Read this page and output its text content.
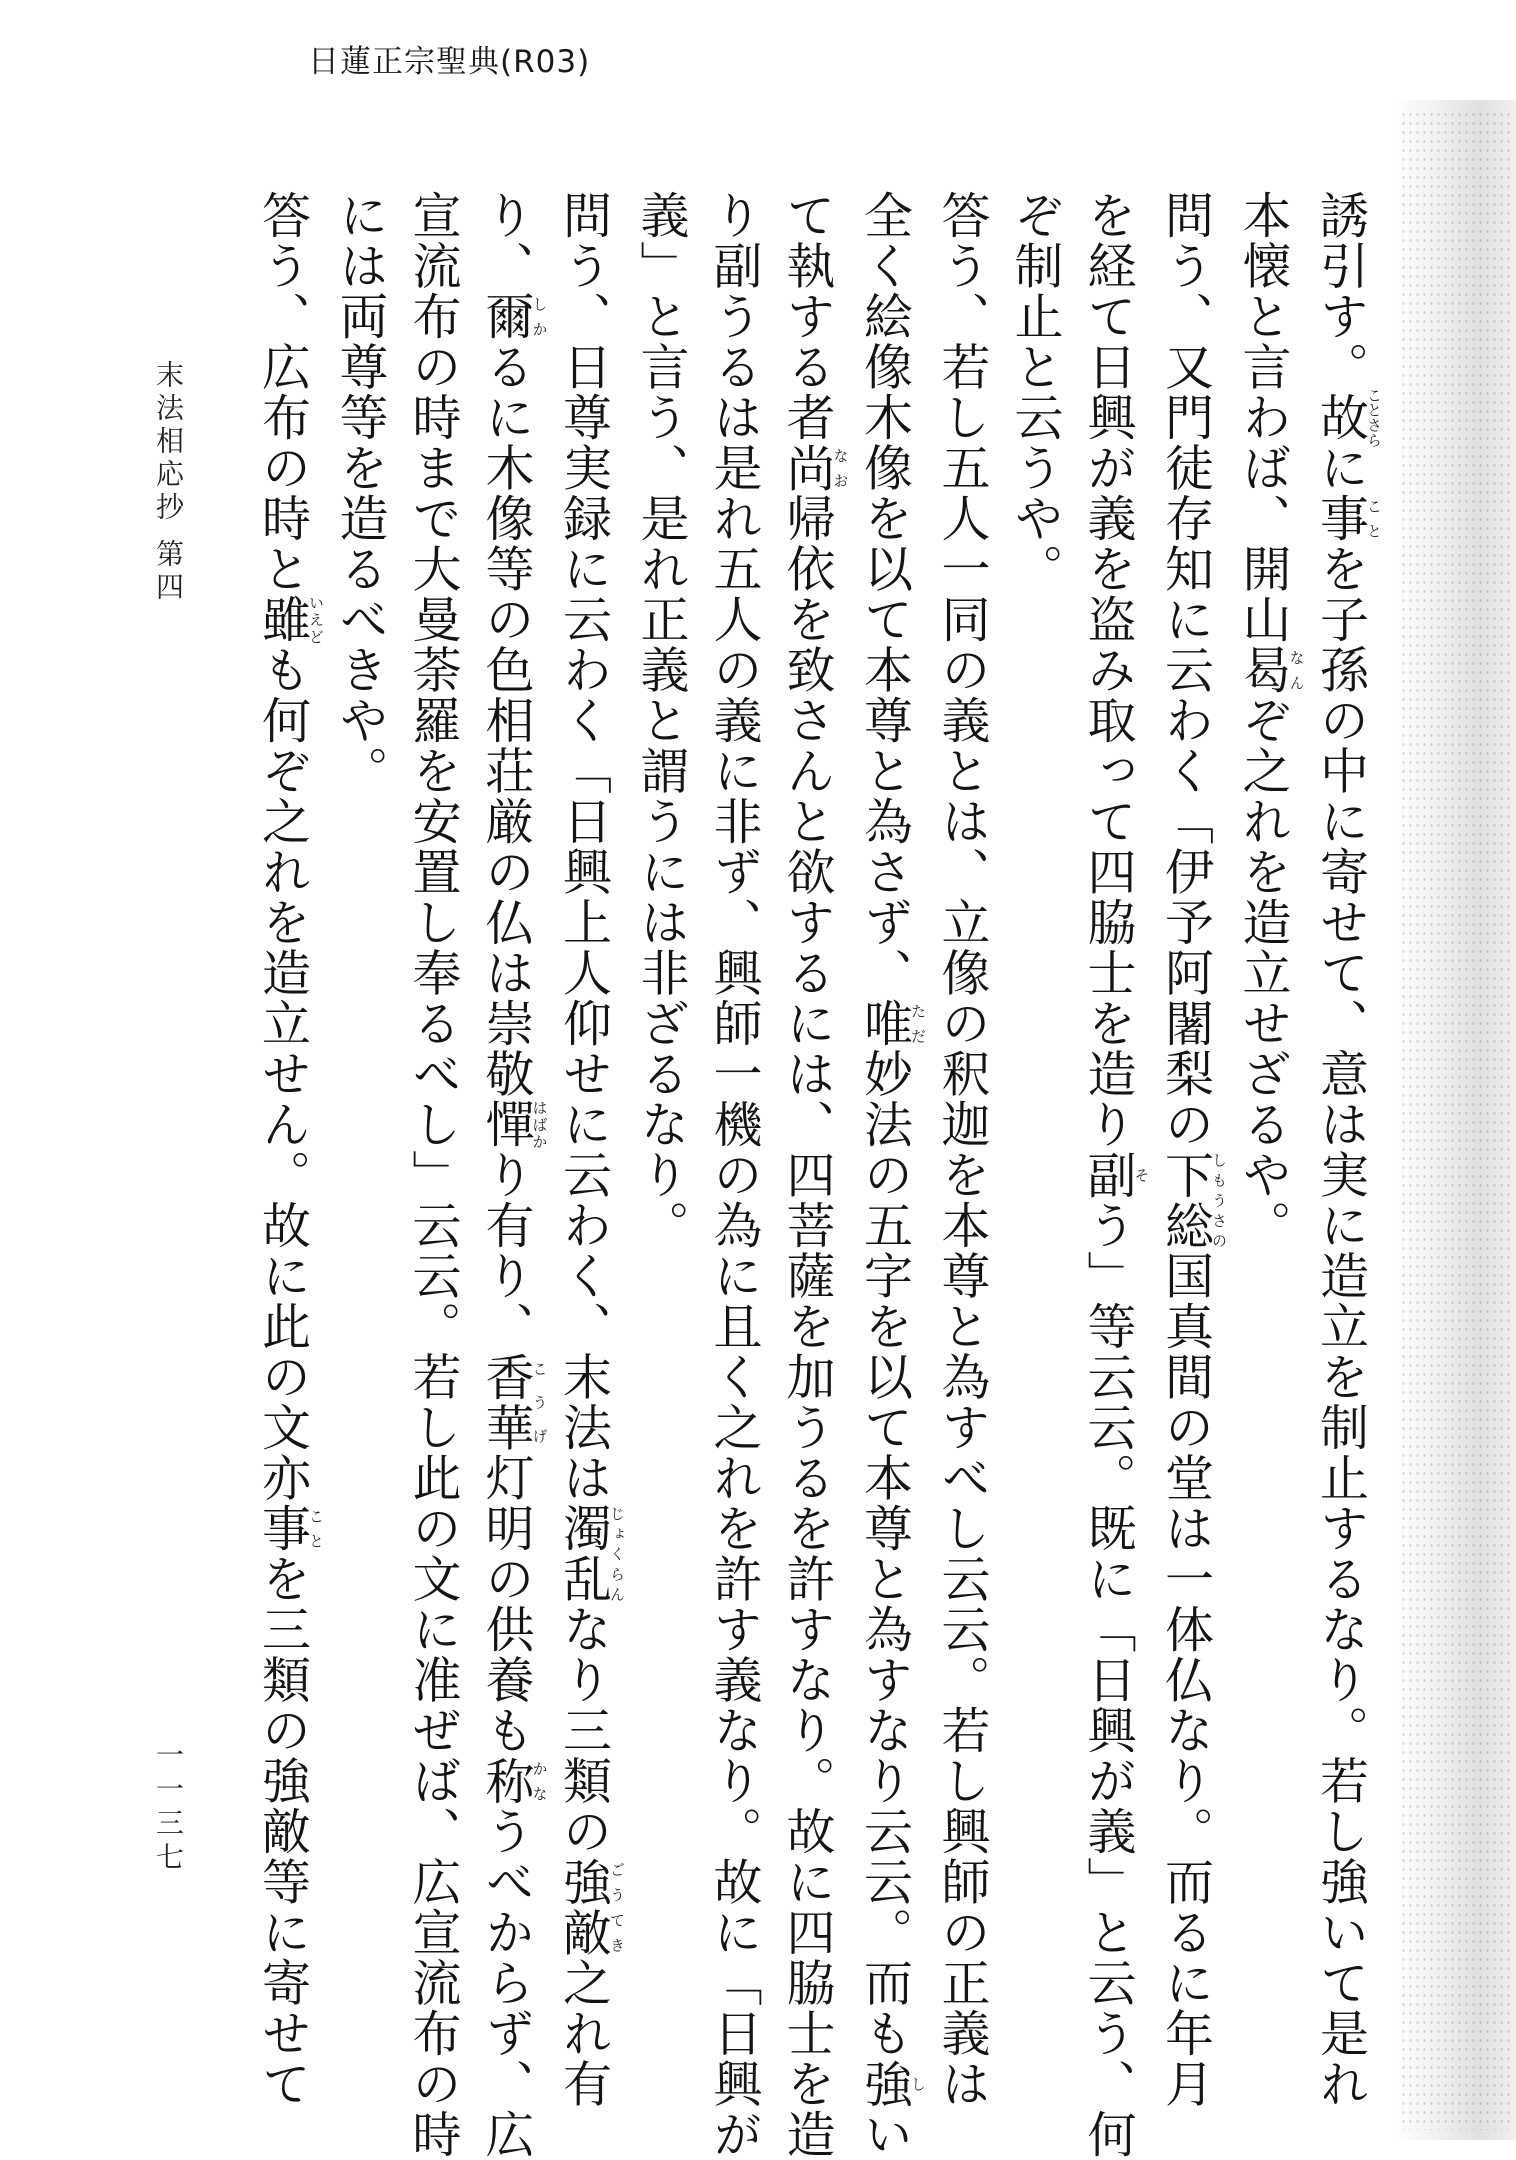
日蓮正宗聖典(R03)
誘引す。故ことさらに事ことを子孫の中に寄せて、意は実に造立を制止するなり。若し強いて是れ
本懐と言わば、開山曷なんぞ之れを造立せざるや。
問う、又門徒存知に云わく「伊予阿闍梨の下総しもうさの国真間の堂は一体仏なり。而るに年月
を経て日興が義を盗み取って四脇士を造り副そう」等云云。既に「日興が義」と云う、何
ぞ制止と云うや。
答う、若し五人一同の義とは、立像の釈迦を本尊と為すべし云云。若し興師の正義は
全く絵像木像を以て本尊と為さず、唯ただ妙法の五字を以て本尊と為すなり云云。而も強しい
て執する者尚なお帰依を致さんと欲するには、四菩薩を加うるを許すなり。故に四脇士を造
り副うるは是れ五人の義に非ず、興師一機の為に且く之れを許す義なり。故に「日興が
義」と言う、是れ正義と謂うには非ざるなり。
問う、日尊実録に云わく「日興上人仰せに云わく、末法は濁乱じょくらんなり三類の強敵ごうてき之れ有
り、爾しかるに木像等の色相荘厳の仏は崇敬憚はばかり有り、香華こうげ灯明の供養も称かなうべからず、広
宣流布の時まで大曼荼羅を安置し奉るべし」云云。若し此の文に准ぜば、広宣流布の時
には両尊等を造るべきや。
答う、広布の時と雖いえども何ぞ之れを造立せん。故に此の文亦事ことを三類の強敵等に寄せて
末法相応抄 第四
一一三七
